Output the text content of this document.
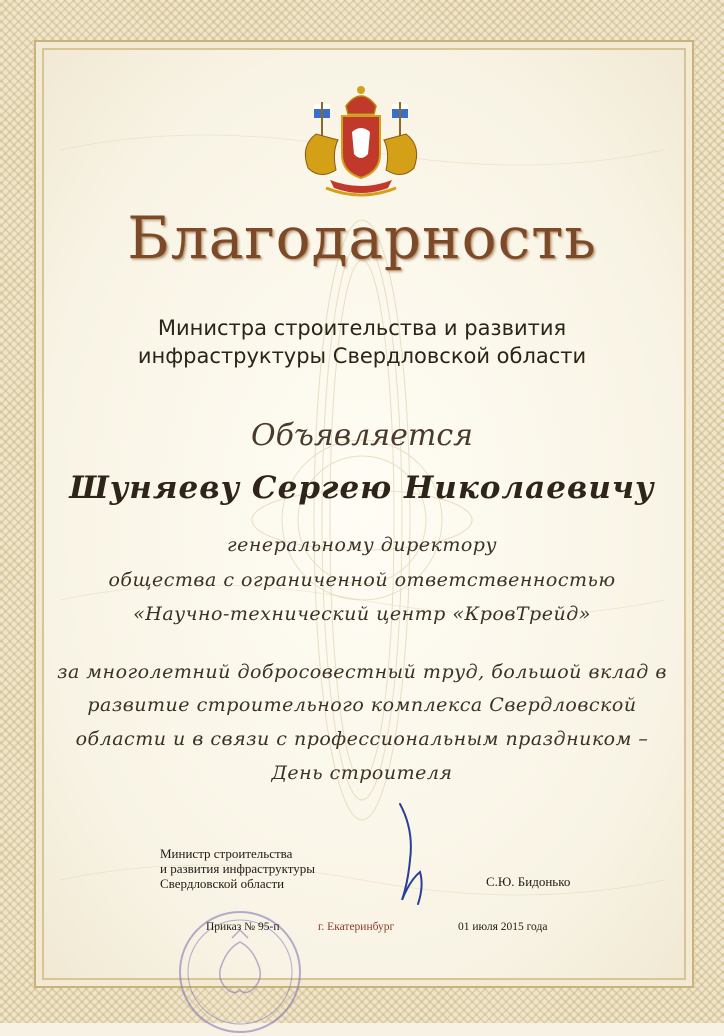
Благодарность
Министра строительства и развития
инфраструктуры Свердловской области
Объявляется
Шуняеву Сергею Николаевичу
генеральному директору
общества с ограниченной ответственностью
«Научно-технический центр «КровТрейд»
за многолетний добросовестный труд, большой вклад в
развитие строительного комплекса Свердловской
области и в связи с профессиональным праздником –
День строителя
Министр строительства
и развития инфраструктуры
Свердловской области	С.Ю. Бидонько
Приказ № 95-п	г. Екатеринбург	01 июля 2015 года
